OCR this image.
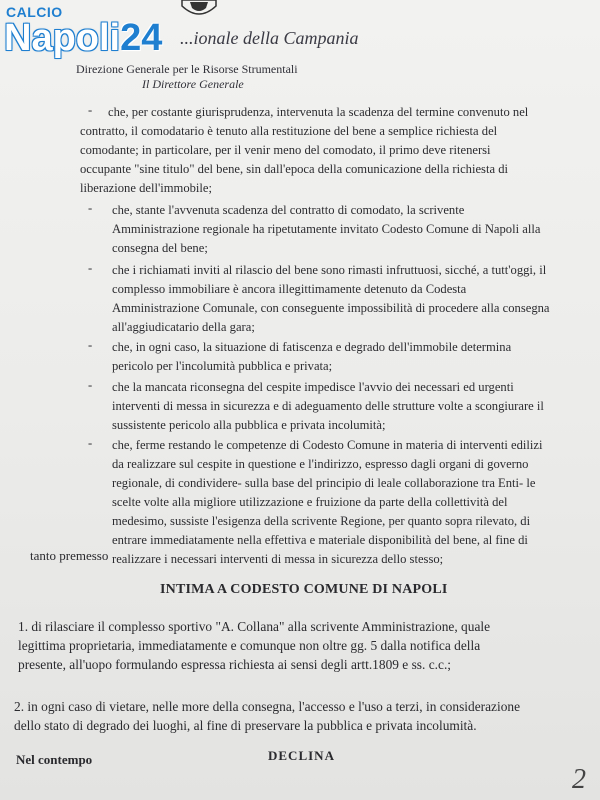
CALCIO
Napoli24 ...ionale della Campania
Direzione Generale per le Risorse Strumentali
Il Direttore Generale
- che, per costante giurisprudenza, intervenuta la scadenza del termine convenuto nel
contratto, il comodatario è tenuto alla restituzione del bene a semplice richiesta del
comodante; in particolare, per il venir meno del comodato, il primo deve ritenersi
occupante "sine titulo" del bene, sin dall'epoca della comunicazione della richiesta di
liberazione dell'immobile;
- che, stante l'avvenuta scadenza del contratto di comodato, la scrivente
Amministrazione regionale ha ripetutamente invitato Codesto Comune di Napoli alla
consegna del bene;
- che i richiamati inviti al rilascio del bene sono rimasti infruttuosi, sicché, a tutt'oggi, il
complesso immobiliare è ancora illegittimamente detenuto da Codesta
Amministrazione Comunale, con conseguente impossibilità di procedere alla consegna
all'aggiudicatario della gara;
- che, in ogni caso, la situazione di fatiscenza e degrado dell'immobile determina
pericolo per l'incolumità pubblica e privata;
- che la mancata riconsegna del cespite impedisce l'avvio dei necessari ed urgenti
interventi di messa in sicurezza e di adeguamento delle strutture volte a scongiurare il
sussistente pericolo alla pubblica e privata incolumità;
- che, ferme restando le competenze di Codesto Comune in materia di interventi edilizi
da realizzare sul cespite in questione e l'indirizzo, espresso dagli organi di governo
regionale, di condividere- sulla base del principio di leale collaborazione tra Enti- le
scelte volte alla migliore utilizzazione e fruizione da parte della collettività del
medesimo, sussiste l'esigenza della scrivente Regione, per quanto sopra rilevato, di
entrare immediatamente nella effettiva e materiale disponibilità del bene, al fine di
realizzare i necessari interventi di messa in sicurezza dello stesso;
tanto premesso
INTIMA A CODESTO COMUNE DI NAPOLI
1. di rilasciare il complesso sportivo "A. Collana" alla scrivente Amministrazione, quale
legittima proprietaria, immediatamente e comunque non oltre gg. 5 dalla notifica della
presente, all'uopo formulando espressa richiesta ai sensi degli artt.1809 e ss. c.c.;
2. in ogni caso di vietare, nelle more della consegna, l'accesso e l'uso a terzi, in considerazione
dello stato di degrado dei luoghi, al fine di preservare la pubblica e privata incolumità.
Nel contempo	DECLINA
2
